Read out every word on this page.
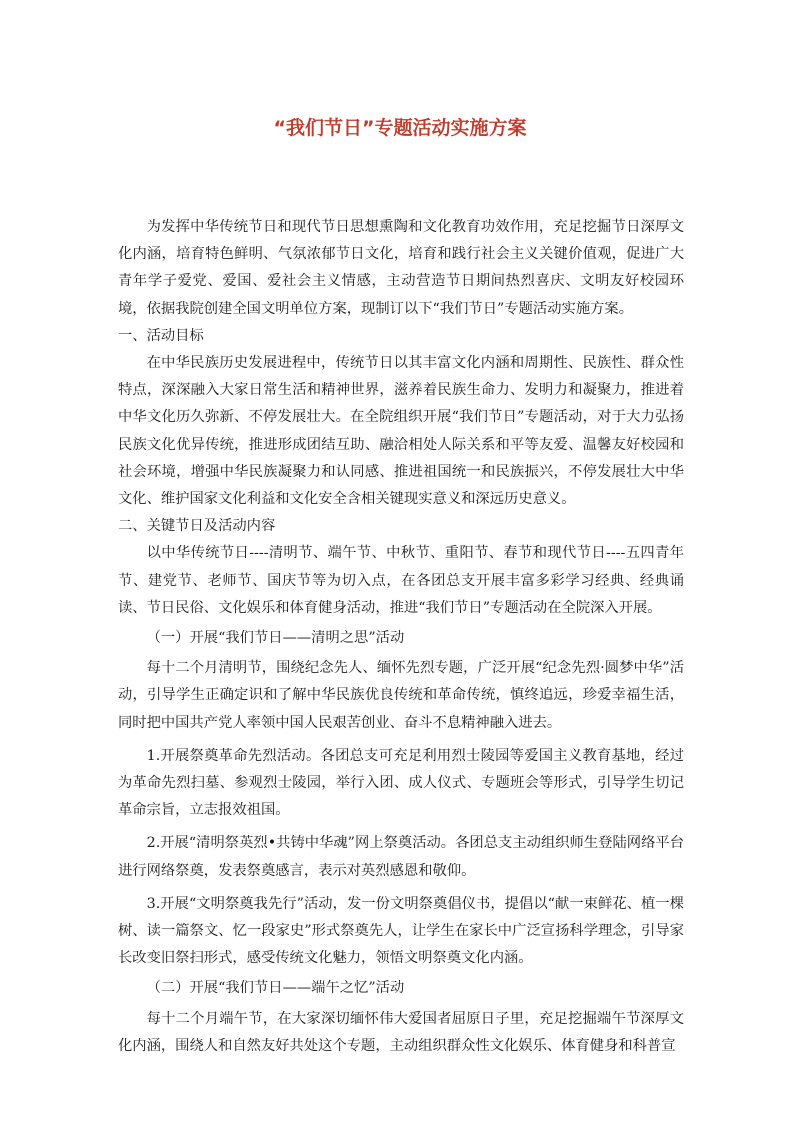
“我们节日”专题活动实施方案

为发挥中华传统节日和现代节日思想熏陶和文化教育功效作用，充足挖掘节日深厚文化内涵，培育特色鲜明、气氛浓郁节日文化，培育和践行社会主义关键价值观，促进广大青年学子爱党、爱国、爱社会主义情感，主动营造节日期间热烈喜庆、文明友好校园环境，依据我院创建全国文明单位方案，现制订以下“我们节日”专题活动实施方案。

一、活动目标

在中华民族历史发展进程中，传统节日以其丰富文化内涵和周期性、民族性、群众性特点，深深融入大家日常生活和精神世界，滋养着民族生命力、发明力和凝聚力，推进着中华文化历久弥新、不停发展壮大。在全院组织开展“我们节日”专题活动，对于大力弘扬民族文化优异传统，推进形成团结互助、融洽相处人际关系和平等友爱、温馨友好校园和社会环境，增强中华民族凝聚力和认同感、推进祖国统一和民族振兴，不停发展壮大中华文化、维护国家文化利益和文化安全含相关键现实意义和深远历史意义。

二、关键节日及活动内容

以中华传统节日----清明节、端午节、中秋节、重阳节、春节和现代节日----五四青年节、建党节、老师节、国庆节等为切入点，在各团总支开展丰富多彩学习经典、经典诵读、节日民俗、文化娱乐和体育健身活动，推进“我们节日”专题活动在全院深入开展。

（一）开展“我们节日——清明之思”活动

每十二个月清明节，围绕纪念先人、缅怀先烈专题，广泛开展“纪念先烈·圆梦中华”活动，引导学生正确定识和了解中华民族优良传统和革命传统，慎终追远，珍爱幸福生活，同时把中国共产党人率领中国人民艰苦创业、奋斗不息精神融入进去。

1.开展祭奠革命先烈活动。各团总支可充足利用烈士陵园等爱国主义教育基地，经过为革命先烈扫墓、参观烈士陵园，举行入团、成人仪式、专题班会等形式，引导学生切记革命宗旨，立志报效祖国。

2.开展“清明祭英烈•共铸中华魂”网上祭奠活动。各团总支主动组织师生登陆网络平台进行网络祭奠，发表祭奠感言，表示对英烈感恩和敬仰。

3.开展“文明祭奠我先行”活动，发一份文明祭奠倡仪书，提倡以“献一束鲜花、植一棵树、读一篇祭文、忆一段家史”形式祭奠先人，让学生在家长中广泛宣扬科学理念，引导家长改变旧祭扫形式，感受传统文化魅力，领悟文明祭奠文化内涵。

（二）开展“我们节日——端午之忆”活动

每十二个月端午节，在大家深切缅怀伟大爱国者屈原日子里，充足挖掘端午节深厚文化内涵，围绕人和自然友好共处这个专题，主动组织群众性文化娱乐、体育健身和科普宣
